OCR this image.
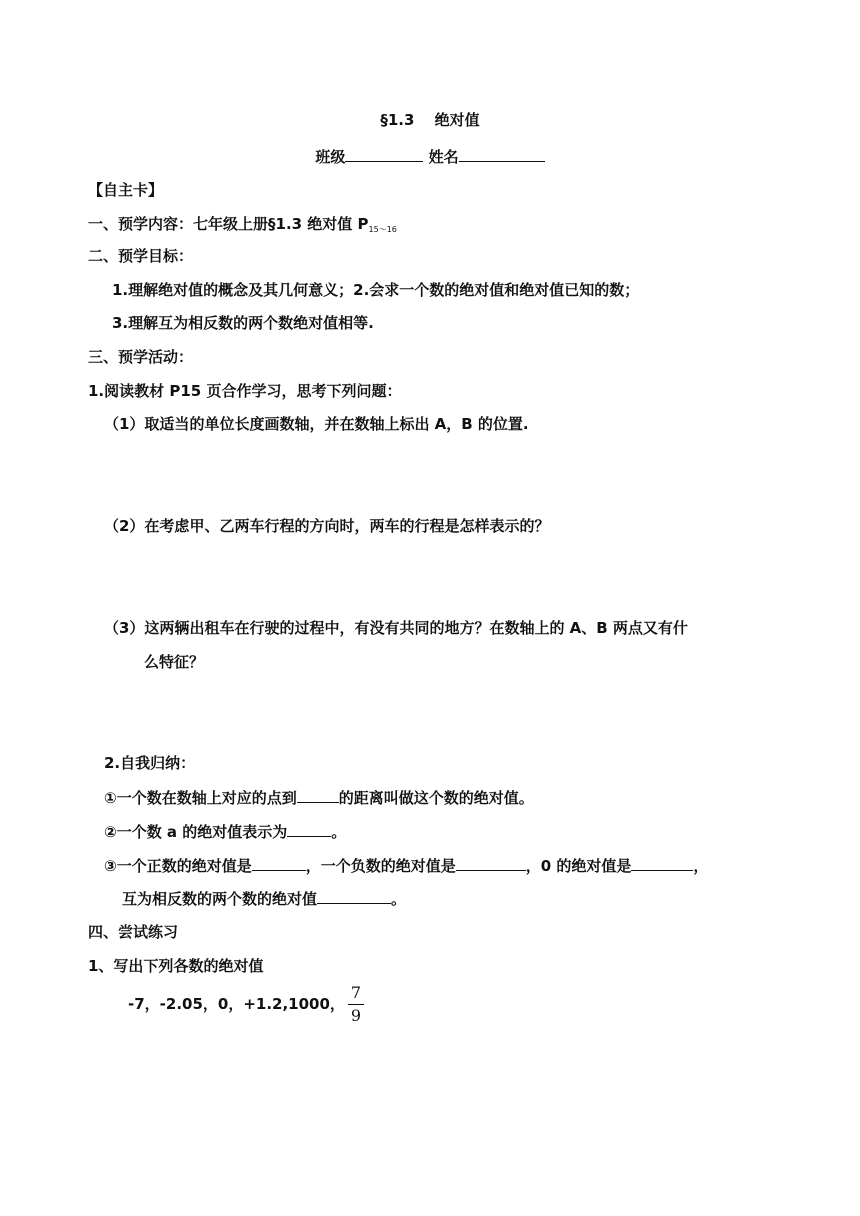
§1.3　 绝对值
班级	姓名
【自主卡】
一、预学内容：七年级上册§1.3 绝对值 $P_{15\sim 16}$
二、预学目标：
1.理解绝对值的概念及其几何意义；2.会求一个数的绝对值和绝对值已知的数；
3.理解互为相反数的两个数绝对值相等.
三、预学活动：
1.阅读教材 P15 页合作学习，思考下列问题：
（1）取适当的单位长度画数轴，并在数轴上标出 A，B 的位置.
（2）在考虑甲、乙两车行程的方向时，两车的行程是怎样表示的？
（3）这两辆出租车在行驶的过程中，有没有共同的地方？在数轴上的 A、B 两点又有什
么特征？
2.自我归纳：
①一个数在数轴上对应的点到	的距离叫做这个数的绝对值。
②一个数 a 的绝对值表示为	。
③一个正数的绝对值是	，一个负数的绝对值是	，0 的绝对值是	，
互为相反数的两个数的绝对值	。
四、尝试练习
1、写出下列各数的绝对值
-7，-2.05，0，+1.2,1000，
7
9
